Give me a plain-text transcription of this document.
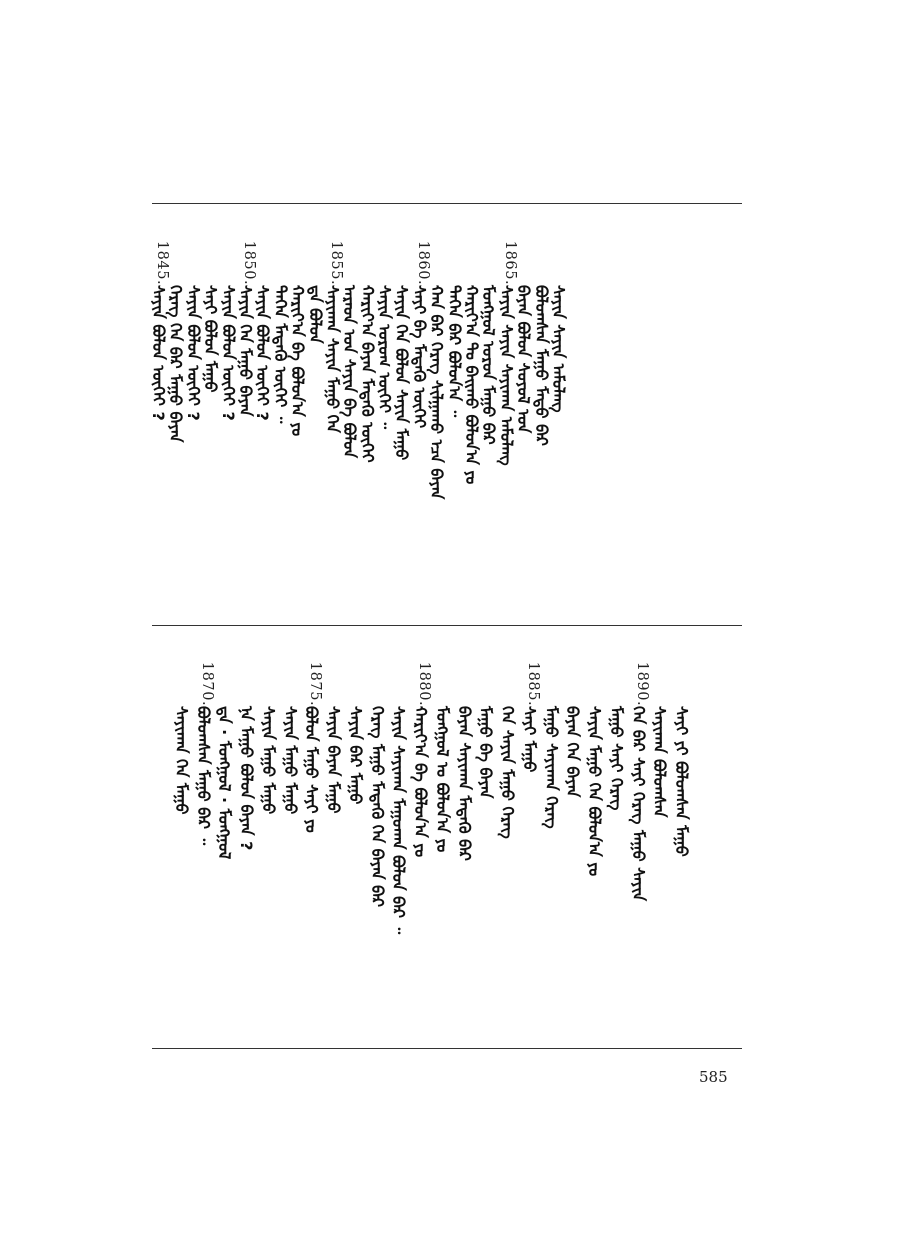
ᠰᠠᠶᠢᠨ ᠰᠠᠶᠢᠨ ᠠᠮᠤᠯᠠᠩ
ᠪᠣᠯᠤᠭᠰᠠᠨ ᠮᠠᠭᠤ ᠮᠠᠲᠤ ᠪᠡᠷ
ᠪᠠᠶᠠᠨ ᠪᠣᠯᠤᠨ ᠰᠣᠶᠤᠯ ᠤᠨ
1865.
ᠰᠠᠶᠢᠨ ᠰᠠᠶᠢᠨ ᠰᠠᠶᠢᠬᠠᠨ ᠠᠮᠤᠯᠠᠩ
ᠮᠤᠩᠭᠤᠯ ᠣᠷᠣᠨ ᠮᠠᠭᠤ ᠪᠡᠷ
ᠬᠠᠷᠢᠶ᠎ᠠ ᠲᠤ ᠪᠠᠢᠬᠤ ᠪᠣᠯᠤᠨ᠎ᠠ ᠶᠤ
ᠲᠡᠭᠡᠨ ᠪᠡᠷ ᠪᠣᠯᠤᠨ᠎ᠠ ᠃
ᠬᠠᠨ ᠪᠠᠷ ᠬᠡᠷᠡᠭ ᠰᠢᠯᠭᠠᠬᠤ ᠡᠴᠡ ᠪᠠᠶᠠᠨ
1860.
ᠰᠠᠶᠢ ᠪᠠ ᠮᠡᠳᠡᠬᠦ ᠦᠭᠡᠢ
ᠰᠠᠶᠢᠨ ᠬᠡᠨ ᠪᠣᠯᠤᠨ ᠰᠠᠶᠢᠨ ᠮᠠᠭᠤ
ᠰᠠᠶᠢᠨ ᠤᠷᠤᠭ ᠦᠭᠡᠢ ᠃
ᠬᠠᠷᠢᠶ᠎ᠠ ᠪᠠᠶᠠᠨ ᠮᠡᠳᠡᠬᠦ ᠦᠭᠡᠢ
ᠠᠷᠠᠳ ᠤᠨ ᠰᠠᠶᠢᠨ ᠪᠠ ᠪᠣᠯᠤᠨ
1855.
ᠰᠠᠶᠢᠬᠠᠨ ᠰᠠᠶᠢᠨ ᠮᠠᠭᠤ ᠬᠡᠨ
ᠳᠠ ᠪᠣᠯᠤᠨ
ᠬᠠᠷᠢᠶ᠎ᠠ ᠪᠠ ᠪᠣᠯᠤᠨ᠎ᠠ ᠶᠤ
ᠲᠡᠭᠡᠨ ᠮᠡᠳᠡᠬᠦ ᠦᠭᠡᠢ ᠃
ᠰᠠᠶᠢᠨ ᠪᠣᠯᠤᠨ ᠦᠭᠡᠢ ?
1850.
ᠰᠠᠶᠢᠨ ᠬᠡᠨ ᠮᠠᠭᠤ ᠪᠠᠶᠠᠨ
ᠰᠠᠶᠢᠨ ᠪᠣᠯᠤᠨ ᠦᠭᠡᠢ ?
ᠰᠠᠶᠢ ᠪᠣᠯᠤᠨ ᠮᠠᠭᠤ
ᠰᠠᠶᠢᠨ ᠪᠣᠯᠤᠨ ᠦᠭᠡᠢ ?
ᠬᠡᠷᠡᠭ ᠬᠡᠨ ᠪᠡᠷ ᠮᠠᠭᠤ ᠪᠠᠶᠠᠨ
1845.
ᠰᠠᠶᠢᠨ ᠪᠣᠯᠤᠨ ᠦᠭᠡᠢ ?
ᠰᠠᠶᠢ ᠶᠢ ᠪᠣᠯᠤᠭᠰᠠᠨ ᠮᠠᠭᠤ
ᠰᠠᠶᠢᠬᠠᠨ ᠪᠣᠯᠤᠭᠰᠠᠨ
1890.
ᠬᠡᠨ ᠪᠡᠷ ᠰᠠᠶᠢ ᠬᠡᠷᠡᠭ ᠮᠠᠭᠤ ᠰᠠᠶᠢᠨ
ᠮᠠᠭᠤ ᠰᠠᠶᠢ ᠬᠡᠷᠡᠭ
ᠰᠠᠶᠢᠨ ᠮᠠᠭᠤ ᠬᠡᠨ ᠪᠣᠯᠤᠨ᠎ᠠ ᠶᠤ
ᠪᠠᠶᠠᠨ ᠬᠡᠨ ᠪᠠᠶᠠᠨ
ᠮᠠᠭᠤ ᠰᠠᠶᠢᠬᠠᠨ ᠬᠡᠷᠡᠭ
1885.
ᠰᠠᠶᠢ ᠮᠠᠭᠤ
ᠬᠡᠨ ᠰᠠᠶᠢᠨ ᠮᠠᠭᠤ ᠬᠡᠷᠡᠭ
ᠮᠠᠭᠤ ᠪᠠ ᠪᠠᠶᠠᠨ
ᠪᠠᠶᠠᠨ ᠰᠠᠶᠢᠬᠠᠨ ᠮᠡᠳᠡᠬᠦ ᠪᠡᠷ
ᠮᠤᠩᠭᠤᠯ ᠣ ᠪᠣᠯᠤᠨ᠎ᠠ ᠶᠤ
1880.
ᠬᠠᠷᠢᠶ᠎ᠠ ᠪᠠ ᠪᠣᠯᠤᠨ᠎ᠠ ᠶᠤ
ᠰᠠᠶᠢᠨ ᠰᠠᠶᠢᠬᠠᠨ ᠮᠠᠭᠤᠬᠠᠨ ᠪᠣᠯᠤᠨ ᠪᠡᠷ ᠃
ᠬᠡᠷᠡᠭ ᠮᠠᠭᠤ ᠮᠡᠳᠡᠬᠦ ᠬᠡᠨ ᠪᠠᠶᠠᠨ ᠪᠡᠷ
ᠰᠠᠶᠢᠨ ᠪᠡᠷ ᠮᠠᠭᠤ
ᠰᠠᠶᠢᠨ ᠪᠠᠶᠠᠨ ᠮᠠᠭᠤ
1875.
ᠪᠣᠯᠤᠨ ᠮᠠᠭᠤ ᠰᠠᠶᠢ ᠶᠤ
ᠰᠠᠶᠢᠨ ᠮᠠᠭᠤ ᠮᠠᠭᠤ
ᠰᠠᠶᠢᠨ ᠮᠠᠭᠤ ᠮᠠᠭᠤ
ᠨᠡ ᠮᠠᠭᠤ ᠪᠣᠯᠤᠨ ᠪᠠᠶᠠᠨ ?
ᠳᠠ · ᠮᠤᠩᠭᠤᠯ · ᠮᠤᠩᠭᠤᠯ
1870.
ᠪᠣᠯᠤᠭᠰᠠᠨ ᠮᠠᠭᠤ ᠪᠡᠷ ᠃
ᠰᠠᠶᠢᠬᠠᠨ ᠬᠡᠨ ᠮᠠᠭᠤ
585
